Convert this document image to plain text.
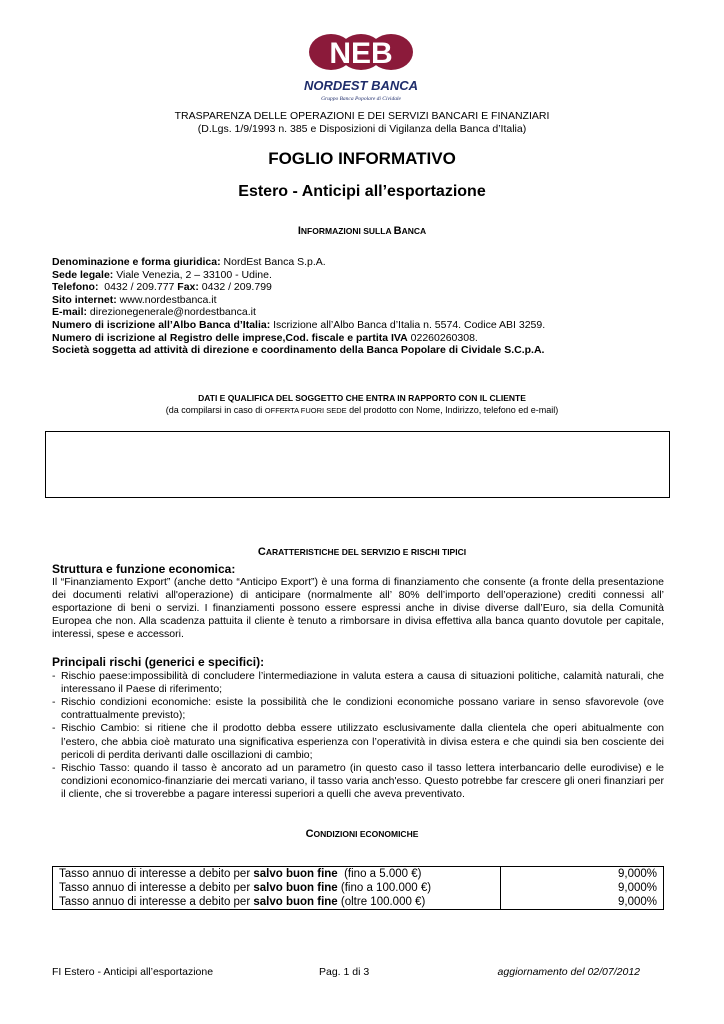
NEB
NORDEST BANCA
Gruppo Banca Popolare di Cividale
TRASPARENZA DELLE OPERAZIONI E DEI SERVIZI BANCARI E FINANZIARI
(D.Lgs. 1/9/1993 n. 385 e Disposizioni di Vigilanza della Banca d’Italia)
FOGLIO INFORMATIVO
Estero - Anticipi all’esportazione
INFORMAZIONI SULLA BANCA
Denominazione e forma giuridica: NordEst Banca S.p.A.
Sede legale: Viale Venezia, 2 – 33100 - Udine.
Telefono:  0432 / 209.777 Fax: 0432 / 209.799
Sito internet: www.nordestbanca.it
E-mail: direzionegenerale@nordestbanca.it
Numero di iscrizione all’Albo Banca d’Italia: Iscrizione all’Albo Banca d’Italia n. 5574. Codice ABI 3259.
Numero di iscrizione al Registro delle imprese,Cod. fiscale e partita IVA 02260260308.
Società soggetta ad attività di direzione e coordinamento della Banca Popolare di Cividale S.C.p.A.
DATI E QUALIFICA DEL SOGGETTO CHE ENTRA IN RAPPORTO CON IL CLIENTE
(da compilarsi in caso di OFFERTA FUORI SEDE del prodotto con Nome, Indirizzo, telefono ed e-mail)
CARATTERISTICHE DEL SERVIZIO E RISCHI TIPICI
Struttura e funzione economica:

Il “Finanziamento Export” (anche detto “Anticipo Export”) è una forma di finanziamento che consente (a fronte della presentazione dei documenti relativi all'operazione) di anticipare (normalmente all’ 80% dell’importo dell’operazione) crediti connessi all’ esportazione di beni o servizi. I finanziamenti possono essere espressi anche in divise diverse dall’Euro, sia della Comunità Europea che non. Alla scadenza pattuita il cliente è tenuto a rimborsare in divisa effettiva alla banca quanto dovutole per capitale, interessi, spese e accessori.

Principali rischi (generici e specifici):
- Rischio paese:impossibilità di concludere l’intermediazione in valuta estera a causa di situazioni politiche, calamità naturali, che interessano il Paese di riferimento;
- Rischio condizioni economiche: esiste la possibilità che le condizioni economiche possano variare in senso sfavorevole (ove contrattualmente previsto);
- Rischio Cambio: si ritiene che il prodotto debba essere utilizzato esclusivamente dalla clientela che operi abitualmente con l’estero, che abbia cioè maturato una significativa esperienza con l’operatività in divisa estera e che quindi sia ben cosciente dei pericoli di perdita derivanti dalle oscillazioni di cambio;
- Rischio Tasso: quando il tasso è ancorato ad un parametro (in questo caso il tasso lettera interbancario delle eurodivise) e le condizioni economico-finanziarie dei mercati variano, il tasso varia anch'esso. Questo potrebbe far crescere gli oneri finanziari per il cliente, che si troverebbe a pagare interessi superiori a quelli che aveva preventivato.
CONDIZIONI ECONOMICHE
Tasso annuo di interesse a debito per salvo buon fine  (fino a 5.000 €)	9,000%
Tasso annuo di interesse a debito per salvo buon fine (fino a 100.000 €)	9,000%
Tasso annuo di interesse a debito per salvo buon fine (oltre 100.000 €)	9,000%
FI Estero - Anticipi all’esportazione	Pag. 1 di 3	aggiornamento del 02/07/2012
